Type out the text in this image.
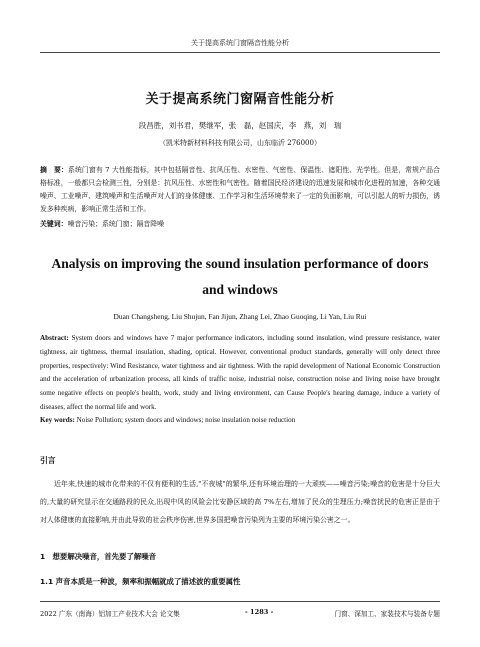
关于提高系统门窗隔音性能分析
关于提高系统门窗隔音性能分析
段昌胜，刘书君，樊继军，张　磊，赵国庆，李　燕，刘　瑞
（凯米特新材料科技有限公司，山东临沂 276000）
摘　要：系统门窗有 7 大性能指标，其中包括隔音性、抗风压性、水密性、气密性、保温性、遮阳性、光学性。但是，常规产品合格标准，一般都只会检测三性，分别是：抗风压性、水密性和气密性。随着国民经济建设的迅速发展和城市化进程的加速，各种交通噪声、工业噪声、建筑噪声和生活噪声对人们的身体健康、工作学习和生活环境带来了一定的负面影响，可以引起人的听力损伤，诱发多种疾病，影响正常生活和工作。
关键词：噪音污染；系统门窗；隔音降噪
Analysis on improving the sound insulation performance of doors and windows
Duan Changsheng, Liu Shujun, Fan Jijun, Zhang Lei, Zhao Guoqing, Li Yan, Liu Rui
Abstract: System doors and windows have 7 major performance indicators, including sound insulation, wind pressure resistance, water tightness, air tightness, thermal insulation, shading, optical. However, conventional product standards, generally will only detect three properties, respectively: Wind Resistance, water tightness and air tightness. With the rapid development of National Economic Construction and the acceleration of urbanization process, all kinds of traffic noise, industrial noise, construction noise and living noise have brought some negative effects on people's health, work, study and living environment, can Cause People's hearing damage, induce a variety of diseases, affect the normal life and work.
Key words: Noise Pollution; system doors and windows; noise insulation noise reduction
引言
近年来,快速的城市化带来的不仅有便利的生活,"不夜城"的繁华,还有环境治理的一大顽疾——噪音污染;噪音的危害是十分巨大的,大量的研究显示在交通路段的民众,出现中风的风险会比安静区域的高 7%左右,增加了民众的生理压力;噪音扰民的危害正是由于对人体健康的直接影响,并由此导致的社会秩序伤害,世界多国把噪音污染列为主要的环境污染公害之一。
1　想要解决噪音，首先要了解噪音
1.1 声音本质是一种波，频率和振幅就成了描述波的重要属性
2022 广东（南海）铝加工产业技术大会 论文集	- 1283 -	门窗、深加工、家装技术与装备专题
